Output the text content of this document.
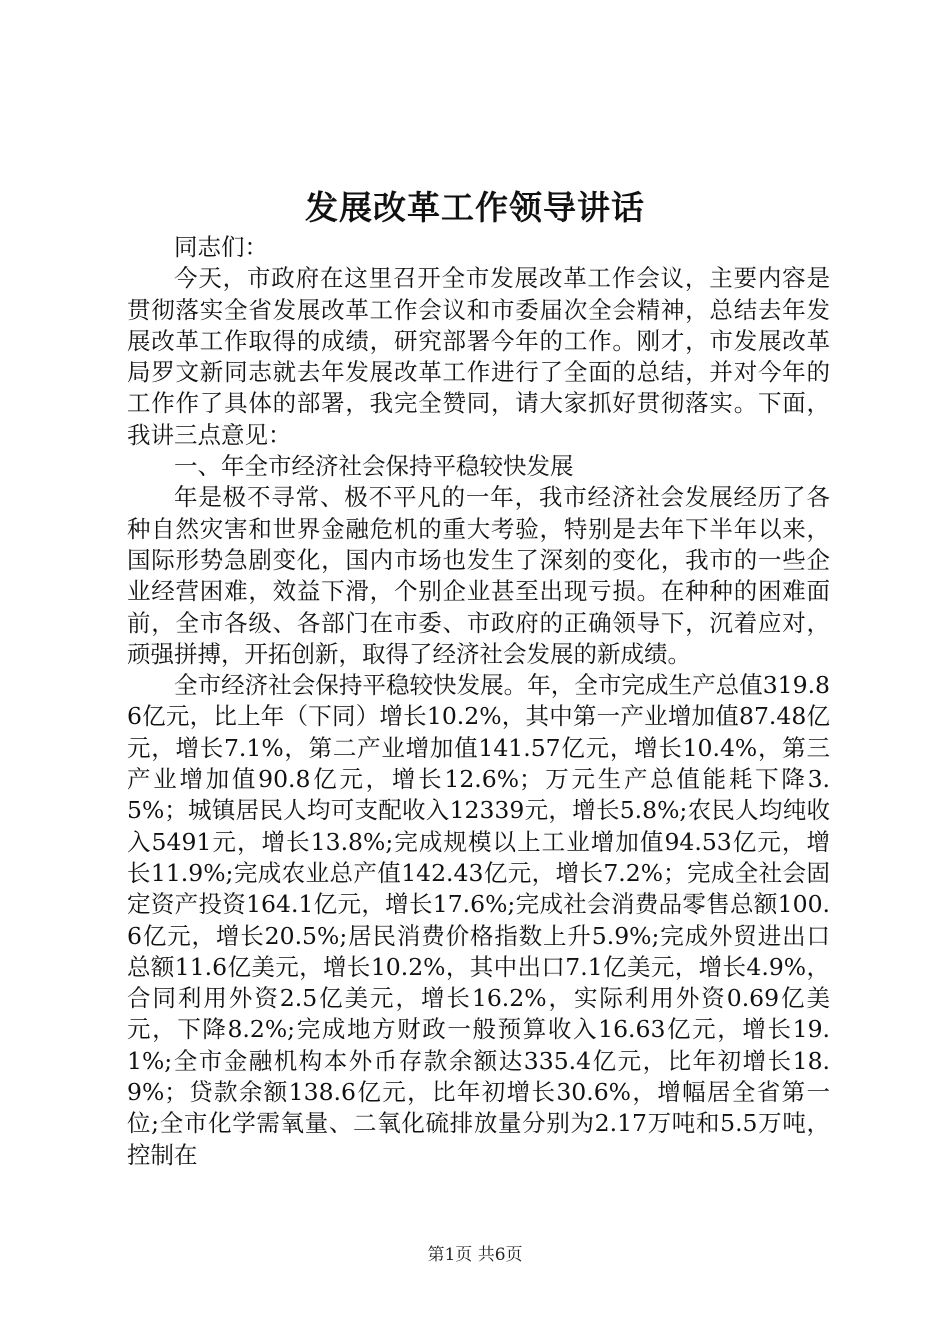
发展改革工作领导讲话

同志们：

今天，市政府在这里召开全市发展改革工作会议，主要内容是贯彻落实全省发展改革工作会议和市委届次全会精神，总结去年发展改革工作取得的成绩，研究部署今年的工作。刚才，市发展改革局罗文新同志就去年发展改革工作进行了全面的总结，并对今年的工作作了具体的部署，我完全赞同，请大家抓好贯彻落实。下面，我讲三点意见：

一、年全市经济社会保持平稳较快发展

年是极不寻常、极不平凡的一年，我市经济社会发展经历了各种自然灾害和世界金融危机的重大考验，特别是去年下半年以来，国际形势急剧变化，国内市场也发生了深刻的变化，我市的一些企业经营困难，效益下滑，个别企业甚至出现亏损。在种种的困难面前，全市各级、各部门在市委、市政府的正确领导下，沉着应对，顽强拼搏，开拓创新，取得了经济社会发展的新成绩。

全市经济社会保持平稳较快发展。年，全市完成生产总值319.86亿元，比上年（下同）增长10.2%，其中第一产业增加值87.48亿元，增长7.1%，第二产业增加值141.57亿元，增长10.4%，第三产业增加值90.8亿元，增长12.6%；万元生产总值能耗下降3.5%；城镇居民人均可支配收入12339元，增长5.8%;农民人均纯收入5491元，增长13.8%;完成规模以上工业增加值94.53亿元，增长11.9%;完成农业总产值142.43亿元，增长7.2%；完成全社会固定资产投资164.1亿元，增长17.6%;完成社会消费品零售总额100.6亿元，增长20.5%;居民消费价格指数上升5.9%;完成外贸进出口总额11.6亿美元，增长10.2%，其中出口7.1亿美元，增长4.9%，合同利用外资2.5亿美元，增长16.2%，实际利用外资0.69亿美元，下降8.2%;完成地方财政一般预算收入16.63亿元，增长19.1%;全市金融机构本外币存款余额达335.4亿元，比年初增长18.9%；贷款余额138.6亿元，比年初增长30.6%，增幅居全省第一位;全市化学需氧量、二氧化硫排放量分别为2.17万吨和5.5万吨，控制在

第1页 共6页
